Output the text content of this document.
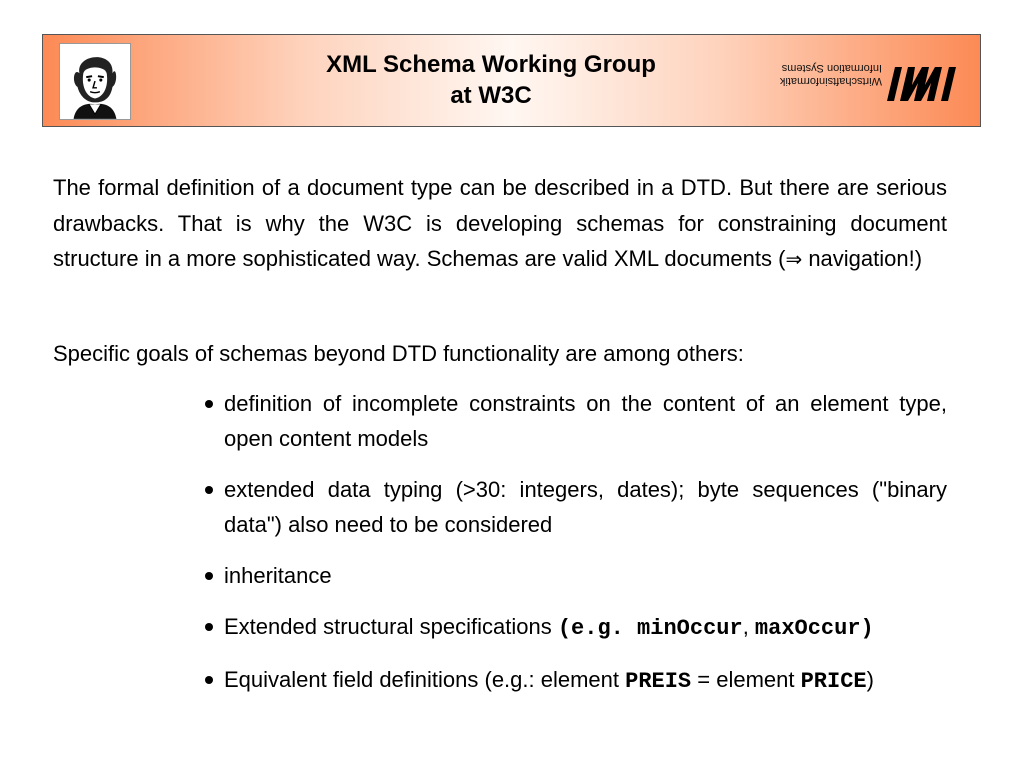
XML Schema Working Group
at W3C
Wirtschaftsinformatik
Information Systems
The formal definition of a document type can be described in a DTD. But there are serious drawbacks. That is why the W3C is developing schemas for constraining document structure in a more sophisticated way. Schemas are valid XML documents (⇒ navigation!)
Specific goals of schemas beyond DTD functionality are among others:
definition of incomplete constraints on the content of an element type, open content models
extended data typing (>30: integers, dates); byte sequences ("binary data") also need to be considered
inheritance
Extended structural specifications (e.g. minOccur, maxOccur)
Equivalent field definitions (e.g.: element PREIS = element PRICE)
